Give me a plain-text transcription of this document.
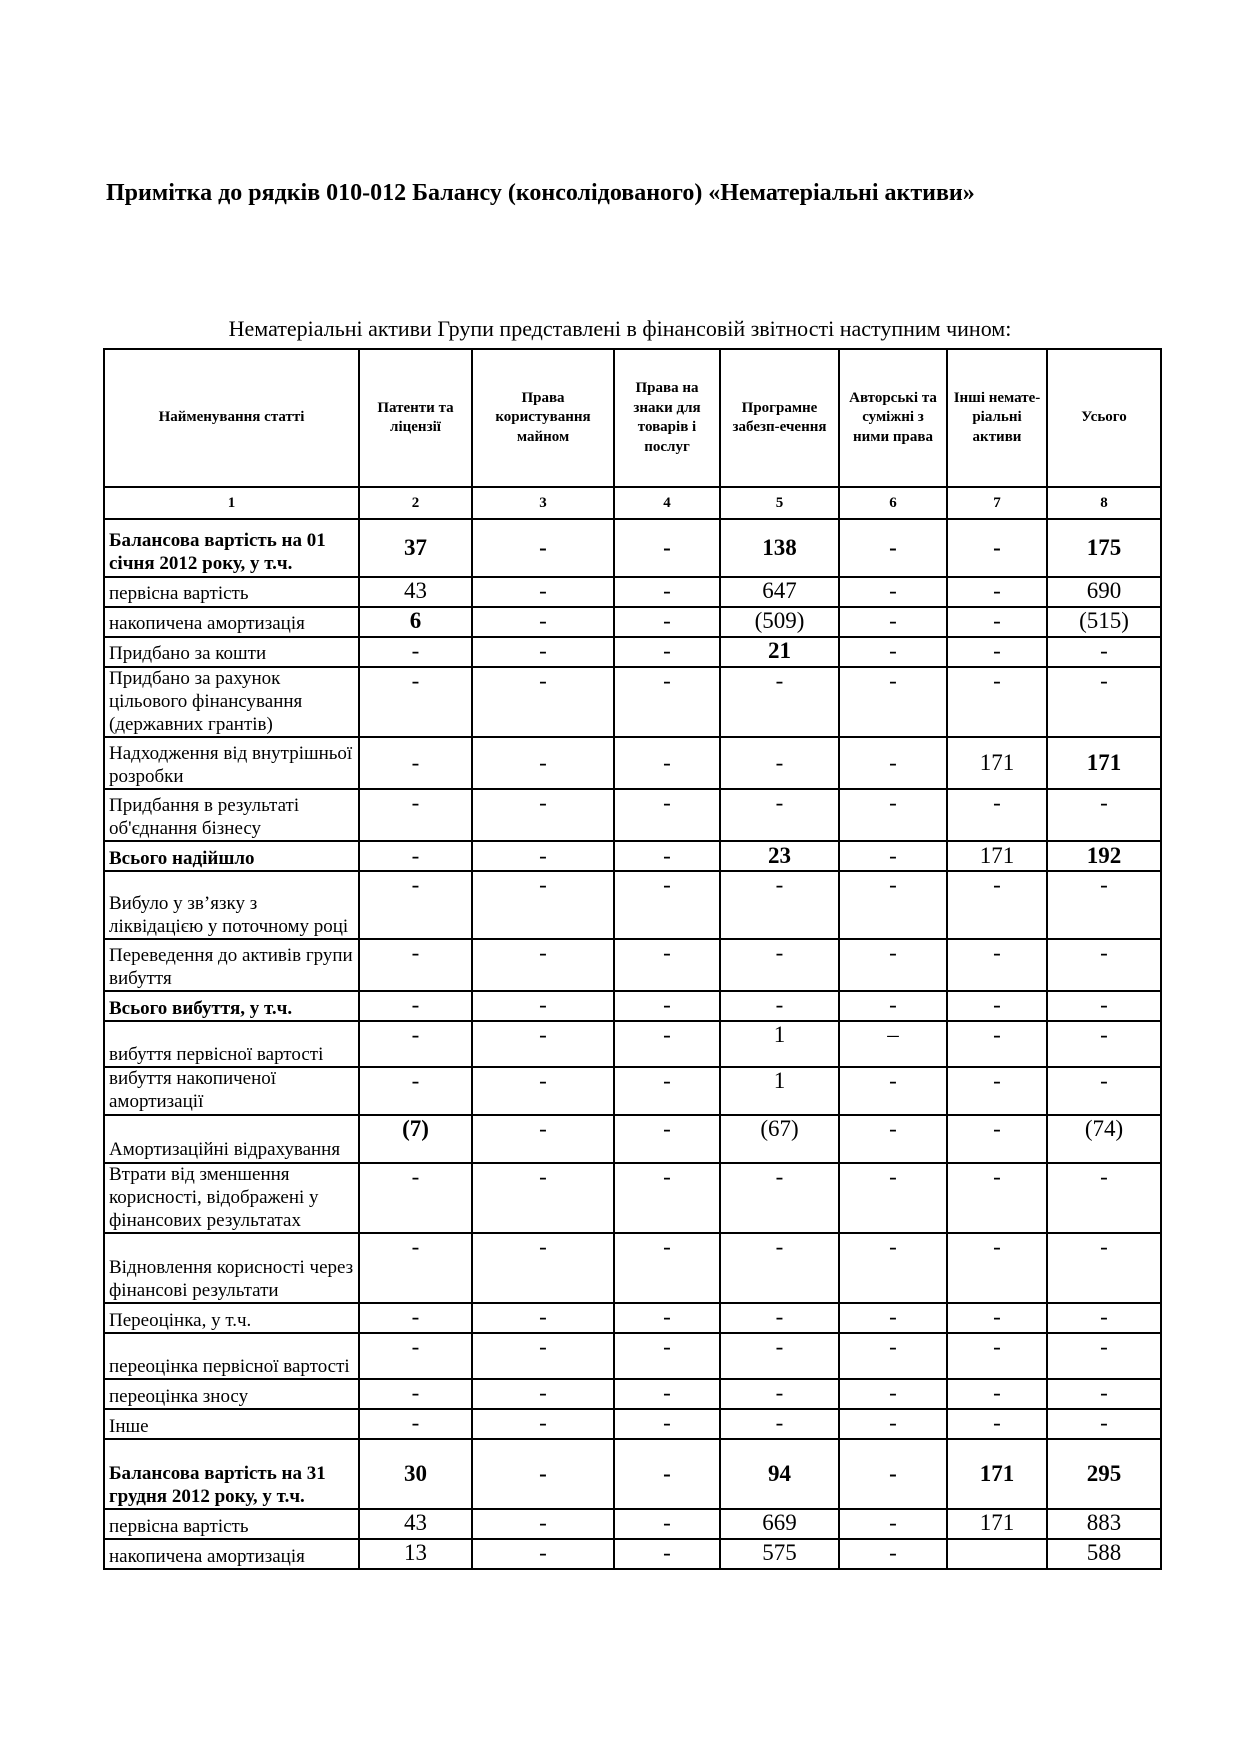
Примітка до рядків 010-012 Балансу (консолідованого) «Нематеріальні активи»
Нематеріальні активи Групи представлені в фінансовій звітності наступним чином:
Найменування статті	Патенти та ліцензії	Права користування майном	Права на знаки для товарів і послуг	Програмне забезп-ечення	Авторські та суміжні з ними права	Інші немате-ріальні активи	Усього
1	2	3	4	5	6	7	8
Балансова вартість на 01 січня 2012 року, у т.ч.	37	-	-	138	-	-	175
первісна вартість	43	-	-	647	-	-	690
накопичена амортизація	6	-	-	(509)	-	-	(515)
Придбано за кошти	-	-	-	21	-	-	-
Придбано за рахунок цільового фінансування (державних грантів)	-	-	-	-	-	-	-
Надходження від внутрішньої розробки	-	-	-	-	-	171	171
Придбання в результаті об'єднання бізнесу	-	-	-	-	-	-	-
Всього надійшло	-	-	-	23	-	171	192
Вибуло у зв’язку з ліквідацією у поточному році	-	-	-	-	-	-	-
Переведення до активів групи вибуття	-	-	-	-	-	-	-
Всього вибуття, у т.ч.	-	-	-	-	-	-	-
вибуття первісної вартості	-	-	-	1	–	-	-
вибуття накопиченої амортизації	-	-	-	1	-	-	-
Амортизаційні відрахування	(7)	-	-	(67)	-	-	(74)
Втрати від зменшення корисності, відображені у фінансових результатах	-	-	-	-	-	-	-
Відновлення корисності через фінансові результати	-	-	-	-	-	-	-
Переоцінка, у т.ч.	-	-	-	-	-	-	-
переоцінка первісної вартості	-	-	-	-	-	-	-
переоцінка зносу	-	-	-	-	-	-	-
Інше	-	-	-	-	-	-	-
Балансова вартість на 31 грудня 2012 року, у т.ч.	30	-	-	94	-	171	295
первісна вартість	43	-	-	669	-	171	883
накопичена амортизація	13	-	-	575	-		588
